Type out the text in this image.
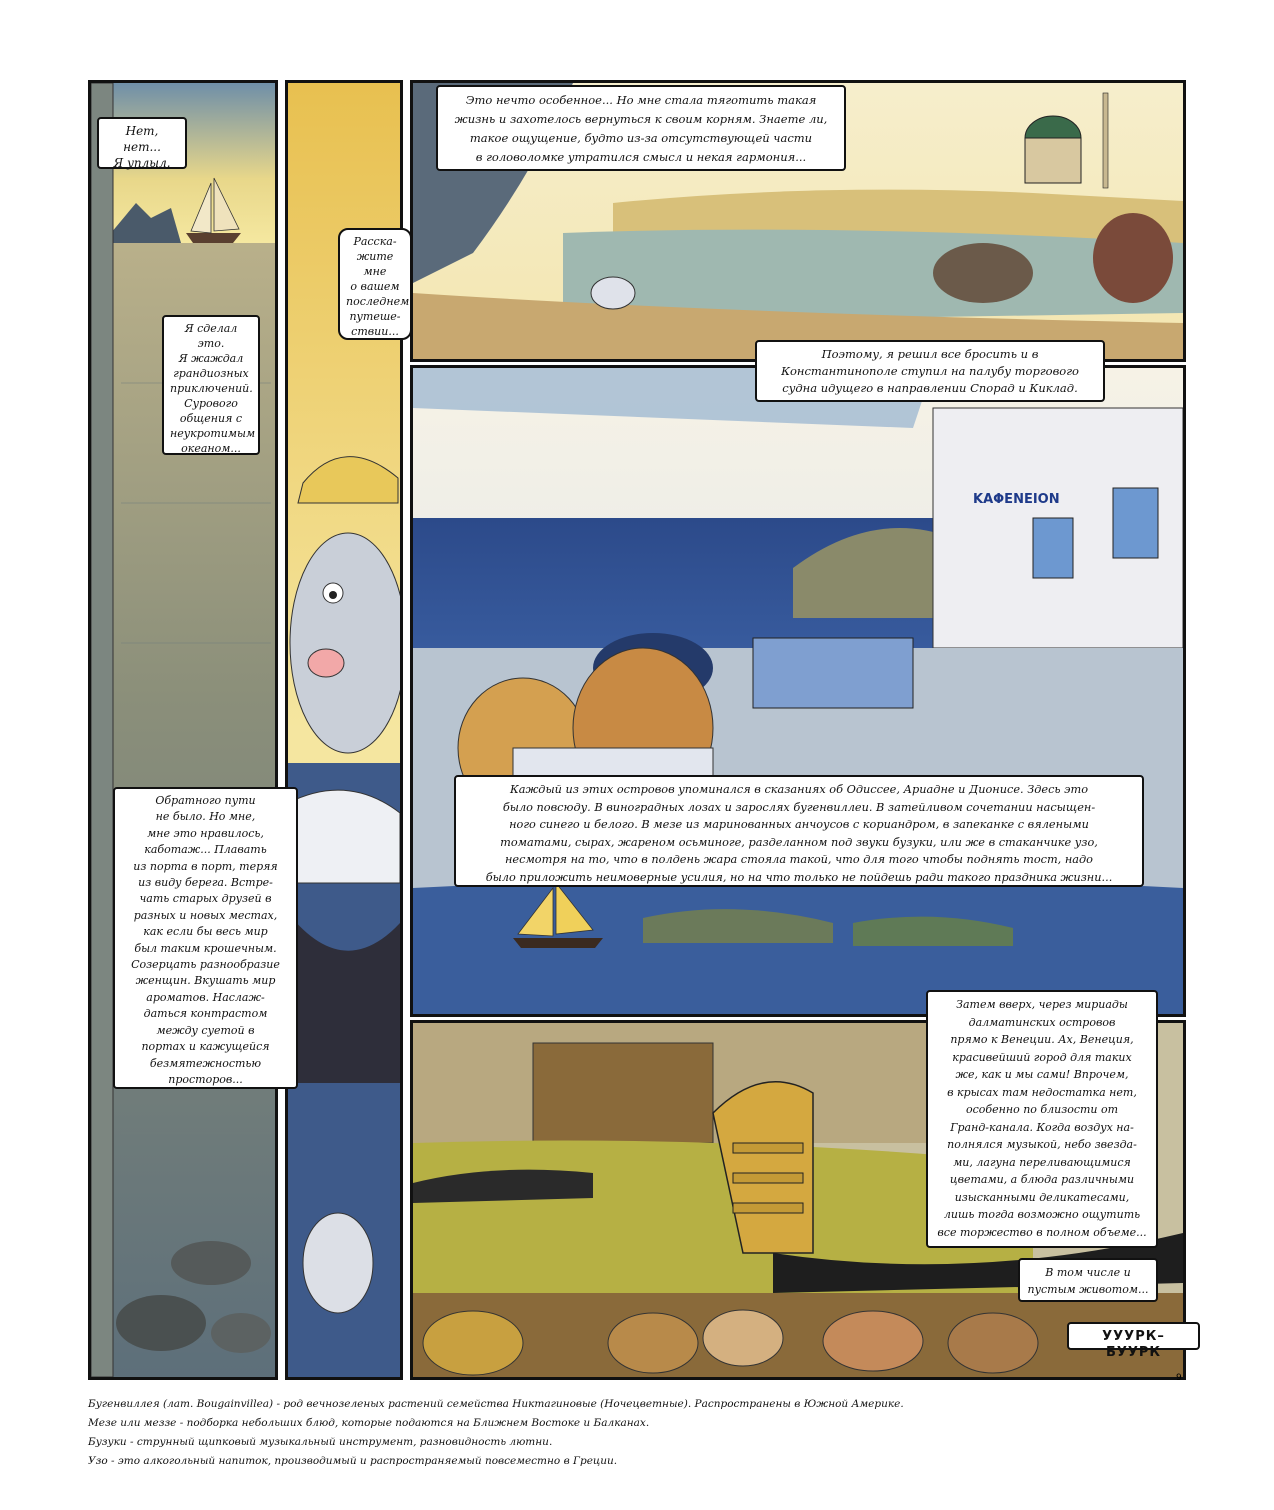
ΚΑΦΕΝΕΙΟΝ
Нет, нет...
Я уплыл.
Я сделал это.
Я жаждал
грандиозных
приключений.
Сурового
общения с
неукротимым
океаном...
Расска-
жите мне
о вашем
последнем
путеше-
ствии...
Обратного пути
не было. Но мне,
мне это нравилось,
каботаж... Плавать
из порта в порт, теряя
из виду берега. Встре-
чать старых друзей в
разных и новых местах,
как если бы весь мир
был таким крошечным.
Созерцать разнообразие
женщин. Вкушать мир
ароматов. Наслаж-
даться контрастом
между суетой в
портах и кажущейся
безмятежностью
просторов...
Это нечто особенное... Но мне стала тяготить такая
жизнь и захотелось вернуться к своим корням. Знаете ли,
такое ощущение, будто из-за отсутствующей части
в головоломке утратился смысл и некая гармония...
Поэтому, я решил все бросить и в
Константинополе ступил на палубу торгового
судна идущего в направлении Спорад и Киклад.
Каждый из этих островов упоминался в сказаниях об Одиссее, Ариадне и Дионисе. Здесь это
было повсюду. В виноградных лозах и зарослях бугенвиллеи. В затейливом сочетании насыщен-
ного синего и белого. В мезе из маринованных анчоусов с кориандром, в запеканке с вялеными
томатами, сырах, жареном осьминоге, разделанном под звуки бузуки, или же в стаканчике узо,
несмотря на то, что в полдень жара стояла такой, что для того чтобы поднять тост, надо
было приложить неимоверные усилия, но на что только не пойдешь ради такого праздника жизни...
Затем вверх, через мириады
далматинских островов
прямо к Венеции. Ах, Венеция,
красивейший город для таких
же, как и мы сами! Впрочем,
в крысах там недостатка нет,
особенно по близости от
Гранд-канала. Когда воздух на-
полнялся музыкой, небо звезда-
ми, лагуна переливающимися
цветами, а блюда различными
изысканными деликатесами,
лишь тогда возможно ощутить
все торжество в полном объеме...
В том числе и
пустым животом...
УУУРК–БУУРК
9
Бугенвиллея (лат. Bougainvillea) - род вечнозеленых растений семейства Никтагиновые (Ночецветные). Распространены в Южной Америке.
Мезе или меззе - подборка небольших блюд, которые подаются на Ближнем Востоке и Балканах.
Бузуки - струнный щипковый музыкальный инструмент, разновидность лютни.
Узо - это алкогольный напиток, производимый и распространяемый повсеместно в Греции.
